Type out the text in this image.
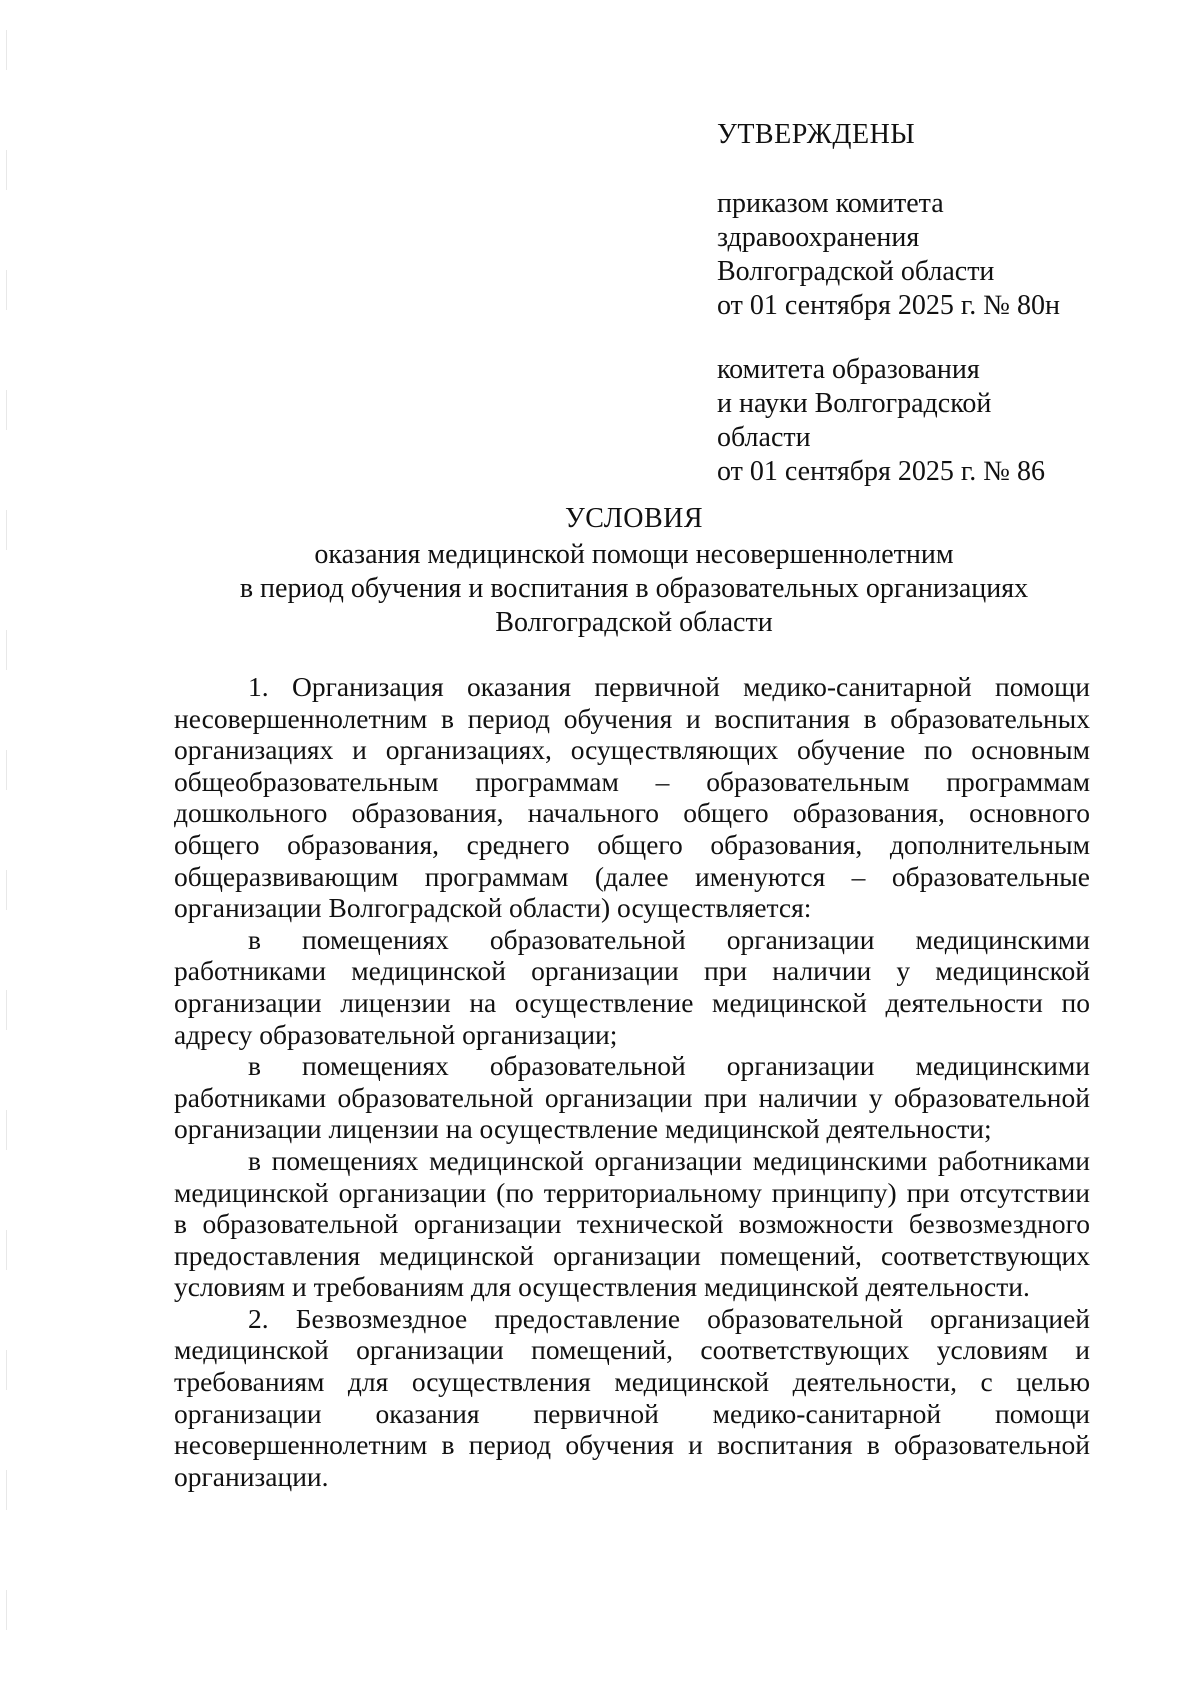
УТВЕРЖДЕНЫ
приказом комитета
здравоохранения
Волгоградской области
от 01 сентября 2025 г. № 80н
комитета образования
и науки Волгоградской
области
от 01 сентября 2025 г. № 86
УСЛОВИЯ
оказания медицинской помощи несовершеннолетним
в период обучения и воспитания в образовательных организациях
Волгоградской области

1. Организация оказания первичной медико-санитарной помощи несовершеннолетним в период обучения и воспитания в образовательных организациях и организациях, осуществляющих обучение по основным общеобразовательным программам – образовательным программам дошкольного образования, начального общего образования, основного общего образования, среднего общего образования, дополнительным общеразвивающим программам (далее именуются – образовательные организации Волгоградской области) осуществляется:

в помещениях образовательной организации медицинскими работниками медицинской организации при наличии у медицинской организации лицензии на осуществление медицинской деятельности по адресу образовательной организации;

в помещениях образовательной организации медицинскими работниками образовательной организации при наличии у образовательной организации лицензии на осуществление медицинской деятельности;

в помещениях медицинской организации медицинскими работниками медицинской организации (по территориальному принципу) при отсутствии в образовательной организации технической возможности безвозмездного предоставления медицинской организации помещений, соответствующих условиям и требованиям для осуществления медицинской деятельности.

2. Безвозмездное предоставление образовательной организацией медицинской организации помещений, соответствующих условиям и требованиям для осуществления медицинской деятельности, с целью организации оказания первичной медико-санитарной помощи несовершеннолетним в период обучения и воспитания в образовательной организации.
